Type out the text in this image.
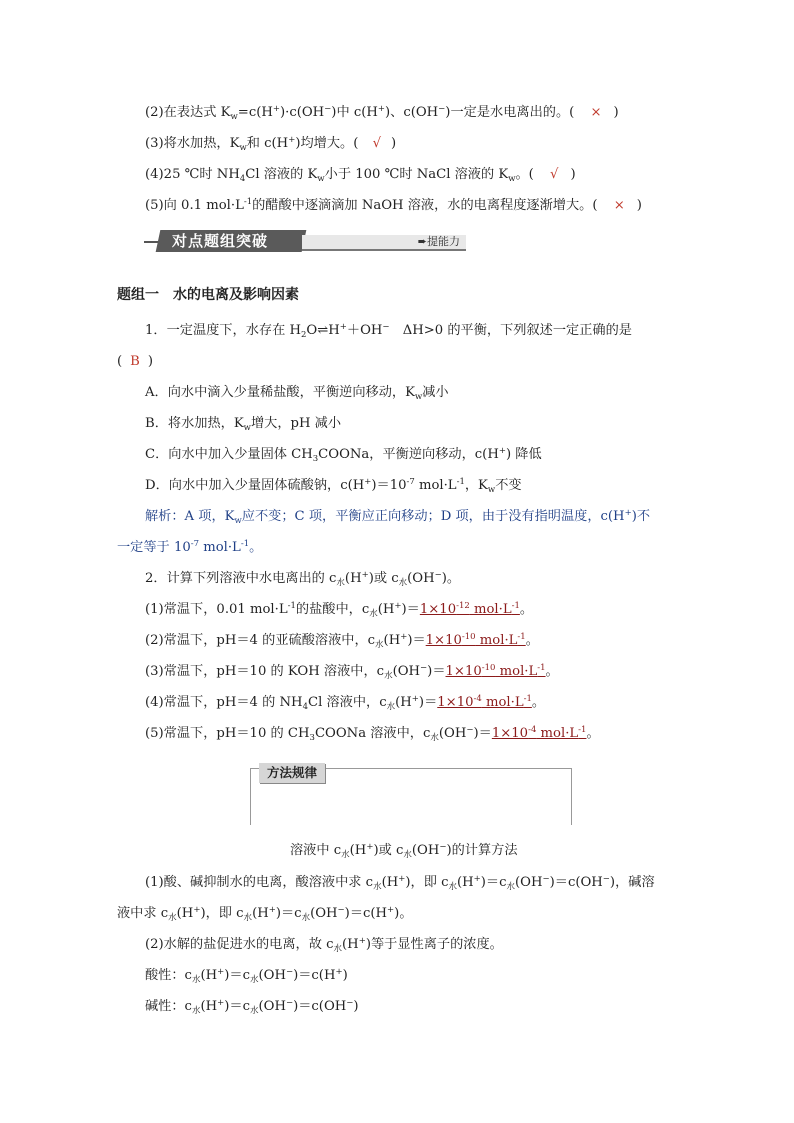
(2)在表达式 $K_w=c(H^+)\cdot c(OH^-)$中 c(H+)、c(OH−)一定是水电离出的。( × )
(3)将水加热，$K_w$和 c(H+)均增大。( √ )
(4)25 ℃时 $NH_4Cl$ 溶液的 $K_w$小于 100 ℃时 NaCl 溶液的 $K_w$。( √ )
(5)向 0.1 $mol\cdot L^{-1}$的醋酸中逐滴滴加 NaOH 溶液，水的电离程度逐渐增大。( × )
对点题组突破	➨提能力
题组一　水的电离及影响因素
1．一定温度下，水存在 $H_2O\rightleftharpoons H^++OH^-$　ΔH>0 的平衡，下列叙述一定正确的是
( B )
A．向水中滴入少量稀盐酸，平衡逆向移动，$K_w$减小
B．将水加热，$K_w$增大，pH 减小
C．向水中加入少量固体 $CH_3COONa$，平衡逆向移动，c(H+) 降低
D．向水中加入少量固体硫酸钠，$c(H^+)=10^{-7}$ $mol\cdot L^{-1}$，$K_w$不变
解析：A 项，$K_w$应不变；C 项，平衡应正向移动；D 项，由于没有指明温度，c(H+)不
一定等于 $10^{-7}$ $mol\cdot L^{-1}$。
2．计算下列溶液中水电离出的 $c_水(H^+)$或 $c_水(OH^-)$。
(1)常温下，0.01 $mol\cdot L^{-1}$的盐酸中，$c_水(H^+)=1\times 10^{-12}$ $mol\cdot L^{-1}$。
(2)常温下，pH＝4 的亚硫酸溶液中，$c_水(H^+)=1\times 10^{-10}$ $mol\cdot L^{-1}$。
(3)常温下，pH＝10 的 KOH 溶液中，$c_水(OH^-)=1\times 10^{-10}$ $mol\cdot L^{-1}$。
(4)常温下，pH＝4 的 $NH_4Cl$ 溶液中，$c_水(H^+)=1\times 10^{-4}$ $mol\cdot L^{-1}$。
(5)常温下，pH＝10 的 $CH_3COONa$ 溶液中，$c_水(OH^-)=1\times 10^{-4}$ $mol\cdot L^{-1}$。
方法规律
溶液中 $c_水(H^+)$或 $c_水(OH^-)$的计算方法
(1)酸、碱抑制水的电离，酸溶液中求 $c_水(H^+)$，即 $c_水(H^+)=c_水(OH^-)=c(OH^-)$，碱溶
液中求 $c_水(H^+)$，即 $c_水(H^+)=c_水(OH^-)=c(H^+)$。
(2)水解的盐促进水的电离，故 $c_水(H^+)$等于显性离子的浓度。
酸性：$c_水(H^+)=c_水(OH^-)=c(H^+)$
碱性：$c_水(H^+)=c_水(OH^-)=c(OH^-)$
